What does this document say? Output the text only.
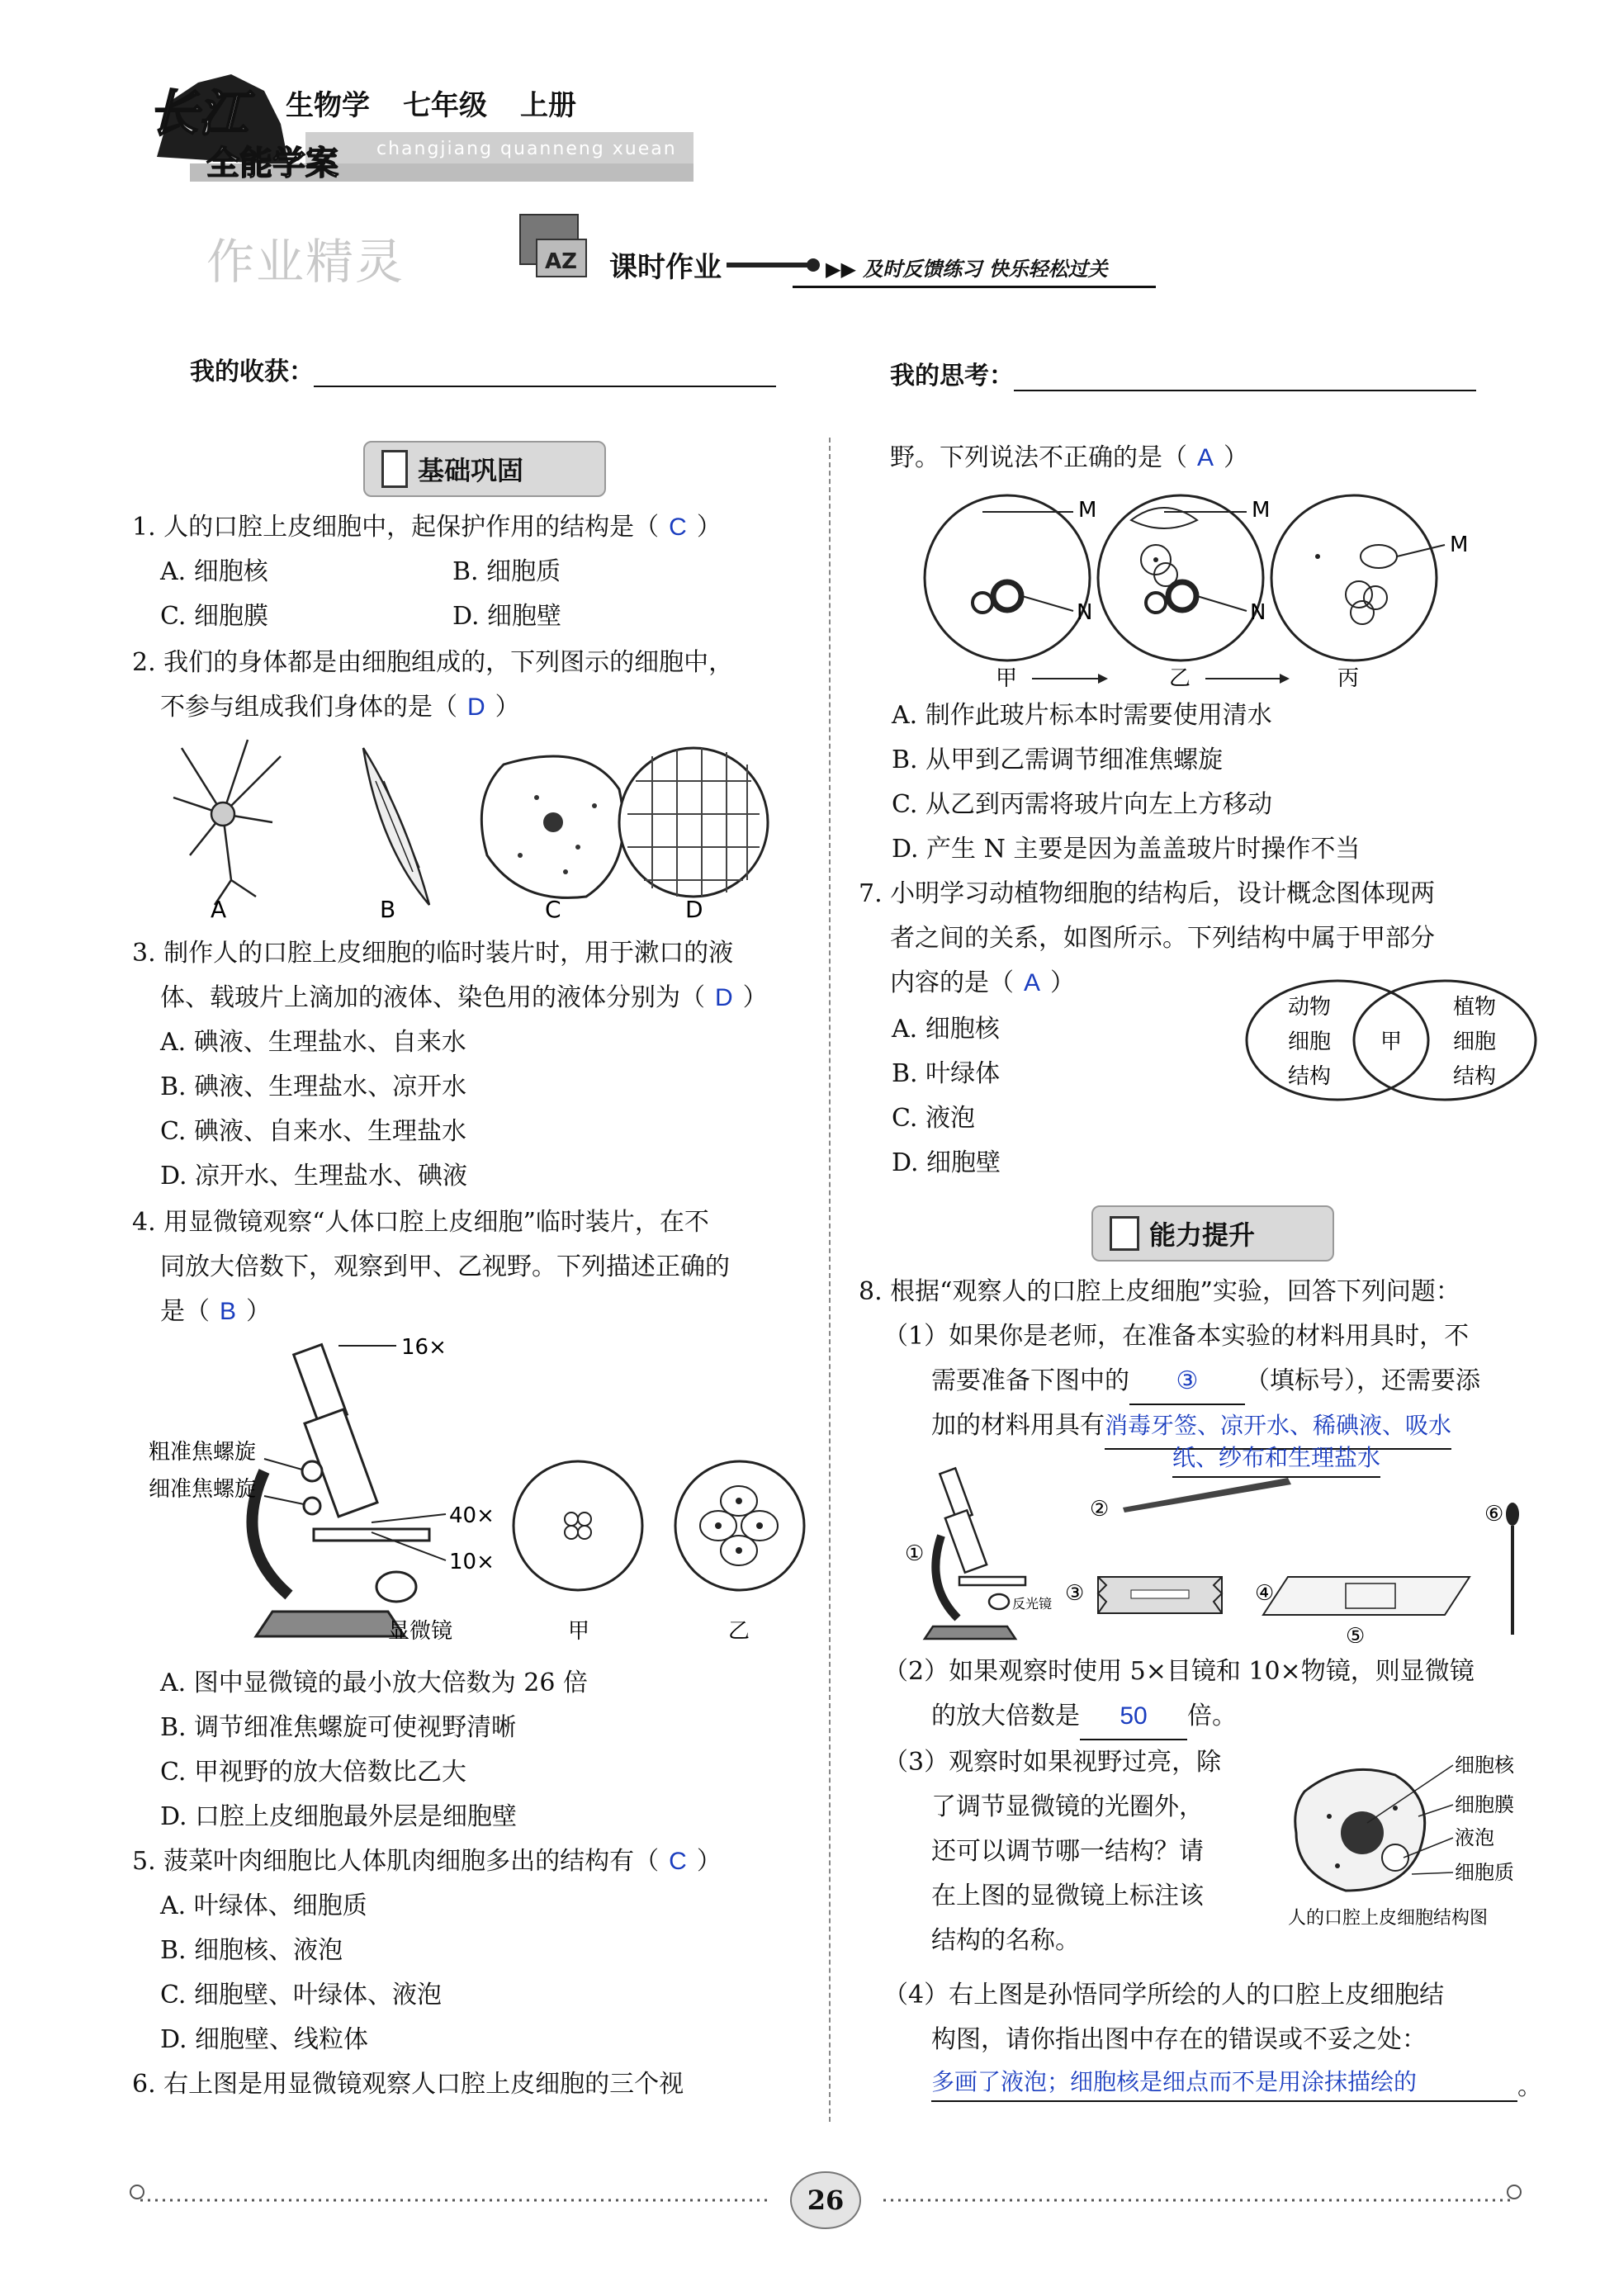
长江
全能学案 changjiang quanneng xuean
生物学 七年级 上册
作业精灵	AZ 课时作业	▶▶ 及时反馈练习 快乐轻松过关
我的收获：	我的思考：
基础巩固
1. 人的口腔上皮细胞中，起保护作用的结构是（ C ）
A. 细胞核	B. 细胞质
C. 细胞膜	D. 细胞壁
2. 我们的身体都是由细胞组成的，下列图示的细胞中，
不参与组成我们身体的是（ D ）
A	B	C	D
3. 制作人的口腔上皮细胞的临时装片时，用于漱口的液
体、载玻片上滴加的液体、染色用的液体分别为（ D ）
A. 碘液、生理盐水、自来水
B. 碘液、生理盐水、凉开水
C. 碘液、自来水、生理盐水
D. 凉开水、生理盐水、碘液
4. 用显微镜观察“人体口腔上皮细胞”临时装片，在不
同放大倍数下，观察到甲、乙视野。下列描述正确的
是（ B ）
16×
粗准焦螺旋
细准焦螺旋
40×
10×
显微镜	甲	乙
A. 图中显微镜的最小放大倍数为 26 倍
B. 调节细准焦螺旋可使视野清晰
C. 甲视野的放大倍数比乙大
D. 口腔上皮细胞最外层是细胞壁
5. 菠菜叶肉细胞比人体肌肉细胞多出的结构有（ C ）
A. 叶绿体、细胞质
B. 细胞核、液泡
C. 细胞壁、叶绿体、液泡
D. 细胞壁、线粒体
6. 右上图是用显微镜观察人口腔上皮细胞的三个视
野。下列说法不正确的是（ A ）
M
N
M
N
M
甲	乙	丙
A. 制作此玻片标本时需要使用清水
B. 从甲到乙需调节细准焦螺旋
C. 从乙到丙需将玻片向左上方移动
D. 产生 N 主要是因为盖盖玻片时操作不当
7. 小明学习动植物细胞的结构后，设计概念图体现两
者之间的关系，如图所示。下列结构中属于甲部分
内容的是（ A ）
动物
细胞
结构
甲
植物
细胞
结构
A. 细胞核
B. 叶绿体
C. 液泡
D. 细胞壁
能力提升
8. 根据“观察人的口腔上皮细胞”实验，回答下列问题：
（1）如果你是老师，在准备本实验的材料用具时，不
需要准备下图中的 ③ （填标号），还需要添
加的材料用具有消毒牙签、凉开水、稀碘液、吸水
纸、纱布和生理盐水
①
反光镜
②
③	④
⑤
⑥
（2）如果观察时使用 5×目镜和 10×物镜，则显微镜
的放大倍数是 50 倍。
（3）观察时如果视野过亮，除
了调节显微镜的光圈外，
还可以调节哪一结构？请
在上图的显微镜上标注该
结构的名称。
细胞核
细胞膜
液泡
细胞质
人的口腔上皮细胞结构图
（4）右上图是孙悟同学所绘的人的口腔上皮细胞结
构图，请你指出图中存在的错误或不妥之处：
多画了液泡；细胞核是细点而不是用涂抹描绘的	。
26
